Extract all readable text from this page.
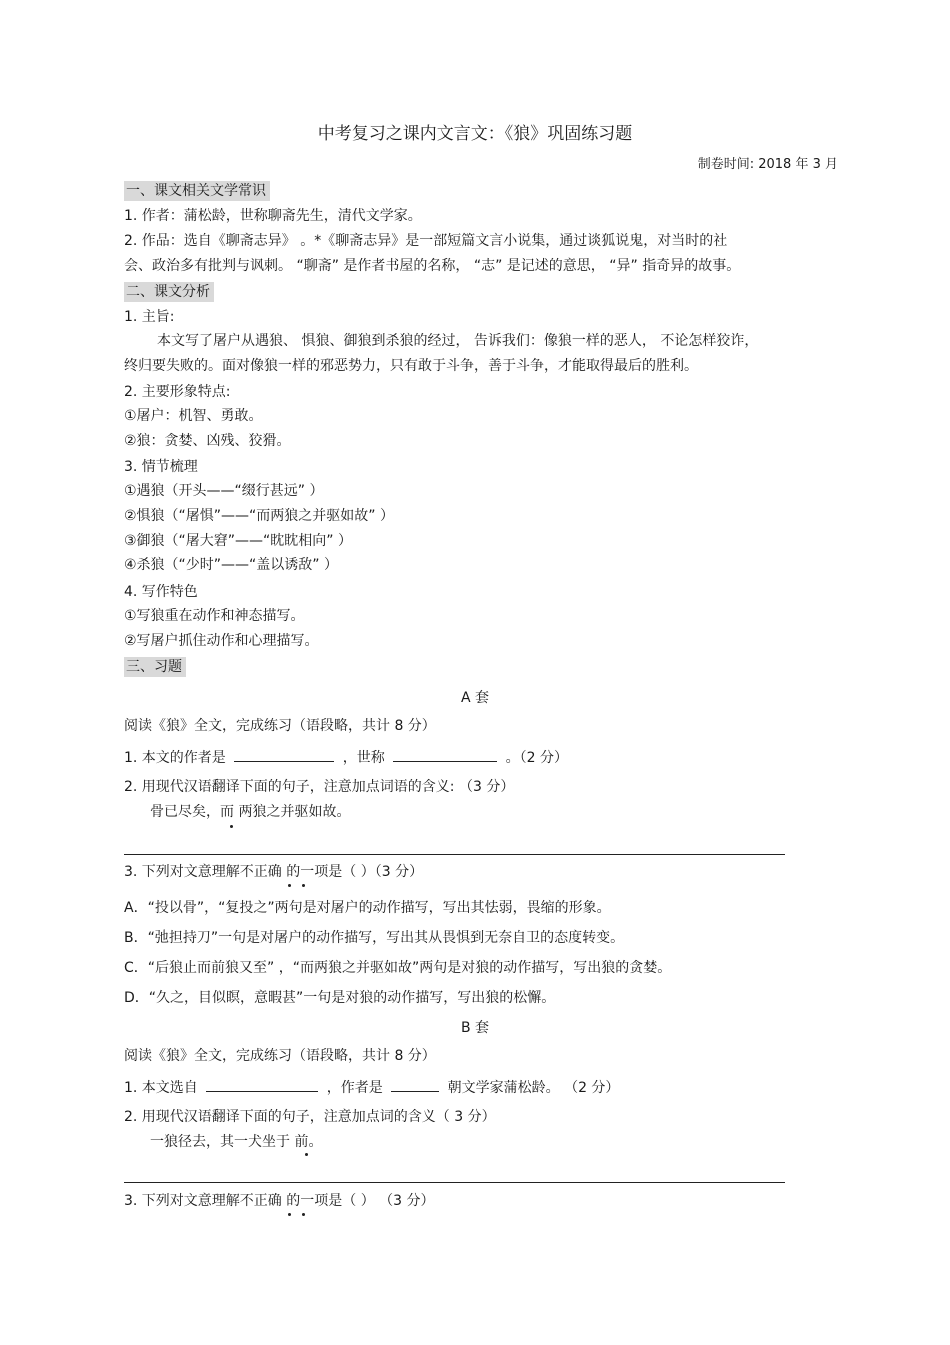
中考复习之课内文言文：《狼》巩固练习题
制卷时间: 2018 年 3 月
一、课文相关文学常识
1. 作者：蒲松龄，世称聊斋先生，清代文学家。
2. 作品：选自《聊斋志异》 。*《聊斋志异》是一部短篇文言小说集，通过谈狐说鬼，对当时的社
会、政治多有批判与讽刺。 “聊斋” 是作者书屋的名称， “志” 是记述的意思， “异” 指奇异的故事。
二、课文分析
1. 主旨:
本文写了屠户从遇狼、 惧狼、御狼到杀狼的经过， 告诉我们：像狼一样的恶人， 不论怎样狡诈，
终归要失败的。面对像狼一样的邪恶势力，只有敢于斗争，善于斗争，才能取得最后的胜利。
2. 主要形象特点:
①屠户：机智、勇敢。
②狼：贪婪、凶残、狡猾。
3. 情节梳理
①遇狼（开头——“缀行甚远” ）
②惧狼（“屠惧”——“而两狼之并驱如故” ）
③御狼（“屠大窘”——“眈眈相向” ）
④杀狼（“少时”——“盖以诱敌” ）
4. 写作特色
①写狼重在动作和神态描写。
②写屠户抓住动作和心理描写。
三、习题
A 套
阅读《狼》全文，完成练习（语段略，共计 8 分）
1. 本文的作者是	，世称	。（2 分）
2. 用现代汉语翻译下面的句子，注意加点词语的含义: （3 分）
骨已尽矣，而 两狼之并驱如故。
3. 下列对文意理解不正确 的一项是（ ）（3 分）
A．“投以骨”，“复投之”两句是对屠户的动作描写，写出其怯弱，畏缩的形象。
B．“弛担持刀”一句是对屠户的动作描写，写出其从畏惧到无奈自卫的态度转变。
C．“后狼止而前狼又至” ，“而两狼之并驱如故”两句是对狼的动作描写，写出狼的贪婪。
D．“久之，目似瞑，意暇甚”一句是对狼的动作描写，写出狼的松懈。
B 套
阅读《狼》全文，完成练习（语段略，共计 8 分）
1. 本文选自	，作者是	朝文学家蒲松龄。 （2 分）
2. 用现代汉语翻译下面的句子，注意加点词的含义（ 3 分）
一狼径去，其一犬坐于 前。
3. 下列对文意理解不正确 的一项是（ ） （3 分）
